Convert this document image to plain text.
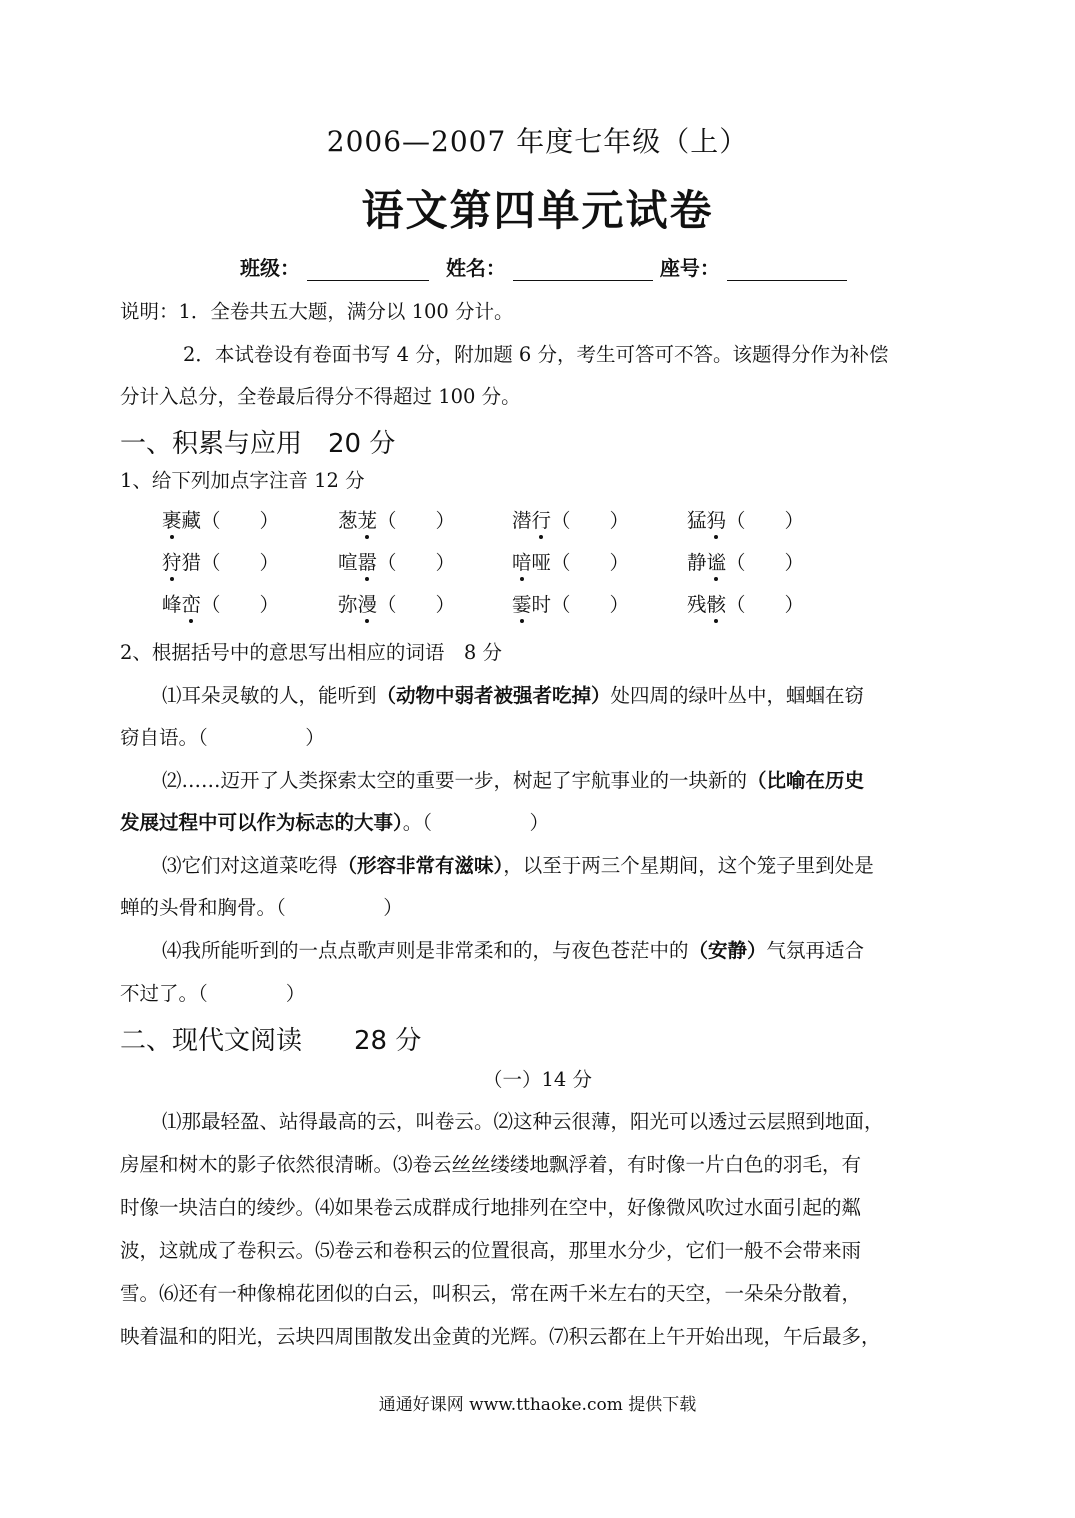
2006—2007 年度七年级（上）
语文第四单元试卷
班级：	姓名：	座号：
说明：1．全卷共五大题，满分以 100 分计。
2．本试卷设有卷面书写 4 分，附加题 6 分，考生可答可不答。该题得分作为补偿
分计入总分，全卷最后得分不得超过 100 分。
一、积累与应用　20 分
1、给下列加点字注音 12 分
裹藏（　　）	葱茏（　　）	潜行（　　）	猛犸（　　）
狩猎（　　）	喧嚣（　　）	喑哑（　　）	静谧（　　）
峰峦（　　）	弥漫（　　）	霎时（　　）	残骸（　　）
2、根据括号中的意思写出相应的词语　8 分
⑴耳朵灵敏的人，能听到（动物中弱者被强者吃掉）处四周的绿叶丛中，蝈蝈在窃
窃自语。（　　　　　）
⑵……迈开了人类探索太空的重要一步，树起了宇航事业的一块新的（比喻在历史
发展过程中可以作为标志的大事）。（　　　　　）
⑶它们对这道菜吃得（形容非常有滋味），以至于两三个星期间，这个笼子里到处是
蝉的头骨和胸骨。（　　　　　）
⑷我所能听到的一点点歌声则是非常柔和的，与夜色苍茫中的（安静）气氛再适合
不过了。（　　　　）
二、现代文阅读　　28 分
（一）14 分
⑴那最轻盈、站得最高的云，叫卷云。⑵这种云很薄，阳光可以透过云层照到地面，
房屋和树木的影子依然很清晰。⑶卷云丝丝缕缕地飘浮着，有时像一片白色的羽毛，有
时像一块洁白的绫纱。⑷如果卷云成群成行地排列在空中，好像微风吹过水面引起的粼
波，这就成了卷积云。⑸卷云和卷积云的位置很高，那里水分少，它们一般不会带来雨
雪。⑹还有一种像棉花团似的白云，叫积云，常在两千米左右的天空，一朵朵分散着，
映着温和的阳光，云块四周围散发出金黄的光辉。⑺积云都在上午开始出现，午后最多，
通通好课网 www.tthaoke.com 提供下载
